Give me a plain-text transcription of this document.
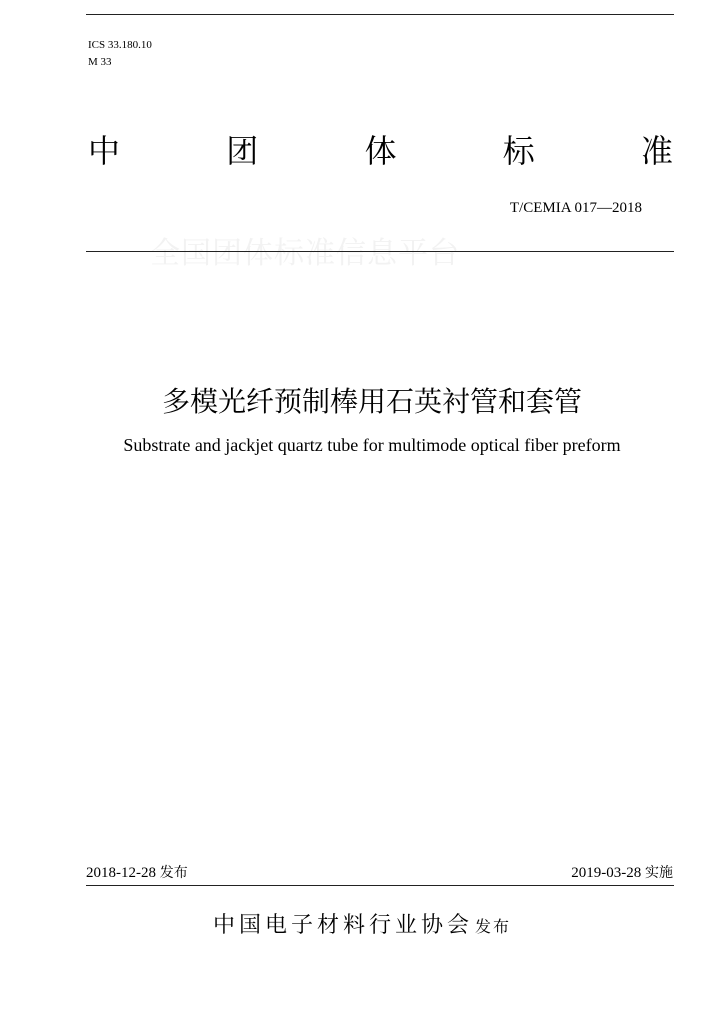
ICS 33.180.10
M 33
中	团	体	标	准
T/CEMIA 017—2018
全国团体标准信息平台
多模光纤预制棒用石英衬管和套管
Substrate and jackjet quartz tube for multimode optical fiber preform
2018-12-28 发布	2019-03-28 实施
中国电子材料行业协会 发布
